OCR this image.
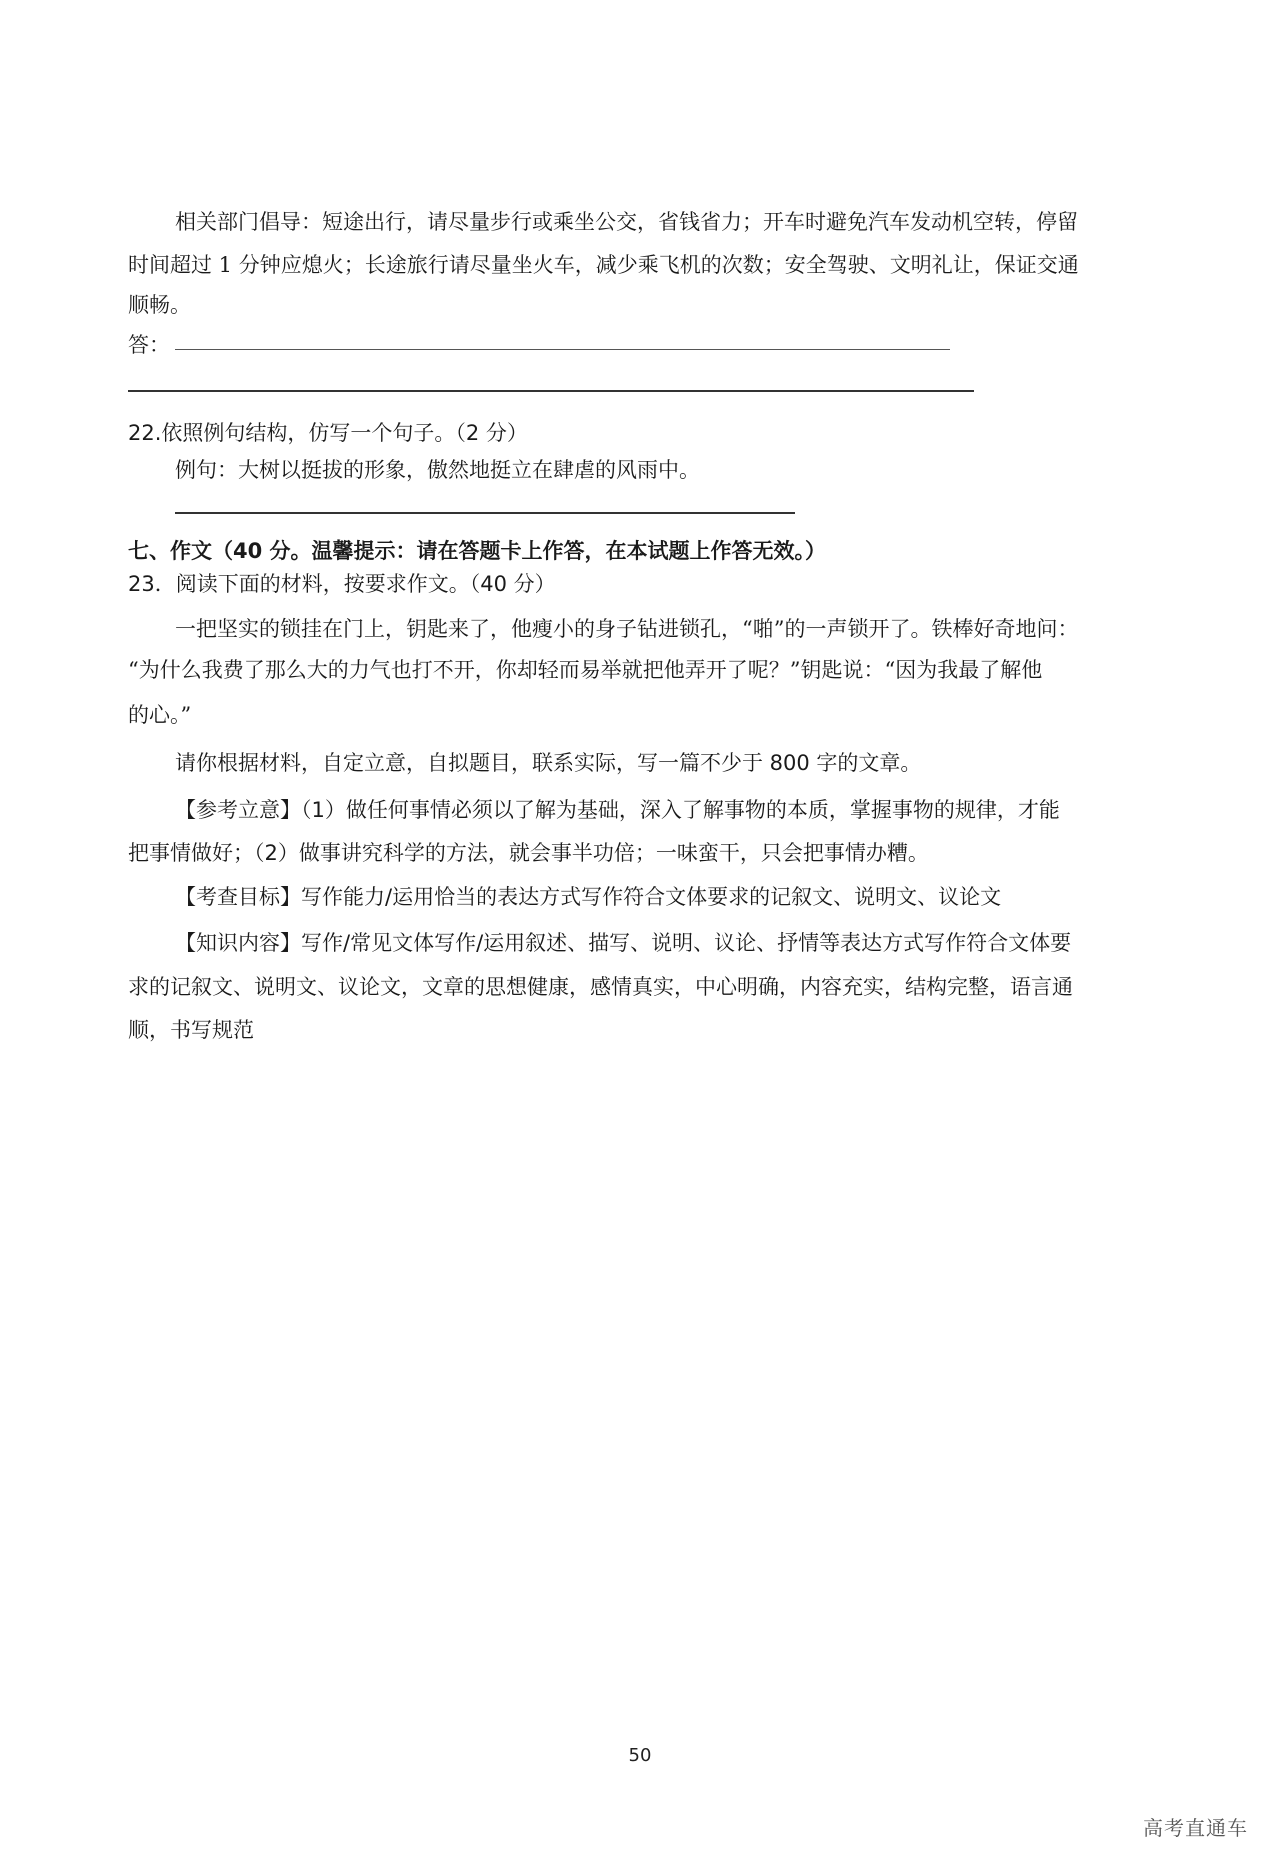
相关部门倡导：短途出行，请尽量步行或乘坐公交，省钱省力；开车时避免汽车发动机空转，停留
时间超过 1 分钟应熄火；长途旅行请尽量坐火车，减少乘飞机的次数；安全驾驶、文明礼让，保证交通
顺畅。
答：
22.依照例句结构，仿写一个句子。（2 分）
例句：大树以挺拔的形象，傲然地挺立在肆虐的风雨中。
七、作文（40 分。温馨提示：请在答题卡上作答，在本试题上作答无效。）
23．阅读下面的材料，按要求作文。（40 分）
一把坚实的锁挂在门上，钥匙来了，他瘦小的身子钻进锁孔，“啪”的一声锁开了。铁棒好奇地问：
“为什么我费了那么大的力气也打不开，你却轻而易举就把他弄开了呢？”钥匙说：“因为我最了解他
的心。”
请你根据材料，自定立意，自拟题目，联系实际，写一篇不少于 800 字的文章。
【参考立意】（1）做任何事情必须以了解为基础，深入了解事物的本质，掌握事物的规律，才能
把事情做好；（2）做事讲究科学的方法，就会事半功倍；一味蛮干，只会把事情办糟。
【考查目标】写作能力/运用恰当的表达方式写作符合文体要求的记叙文、说明文、议论文
【知识内容】写作/常见文体写作/运用叙述、描写、说明、议论、抒情等表达方式写作符合文体要
求的记叙文、说明文、议论文，文章的思想健康，感情真实，中心明确，内容充实，结构完整，语言通
顺，书写规范
50
高考直通车
